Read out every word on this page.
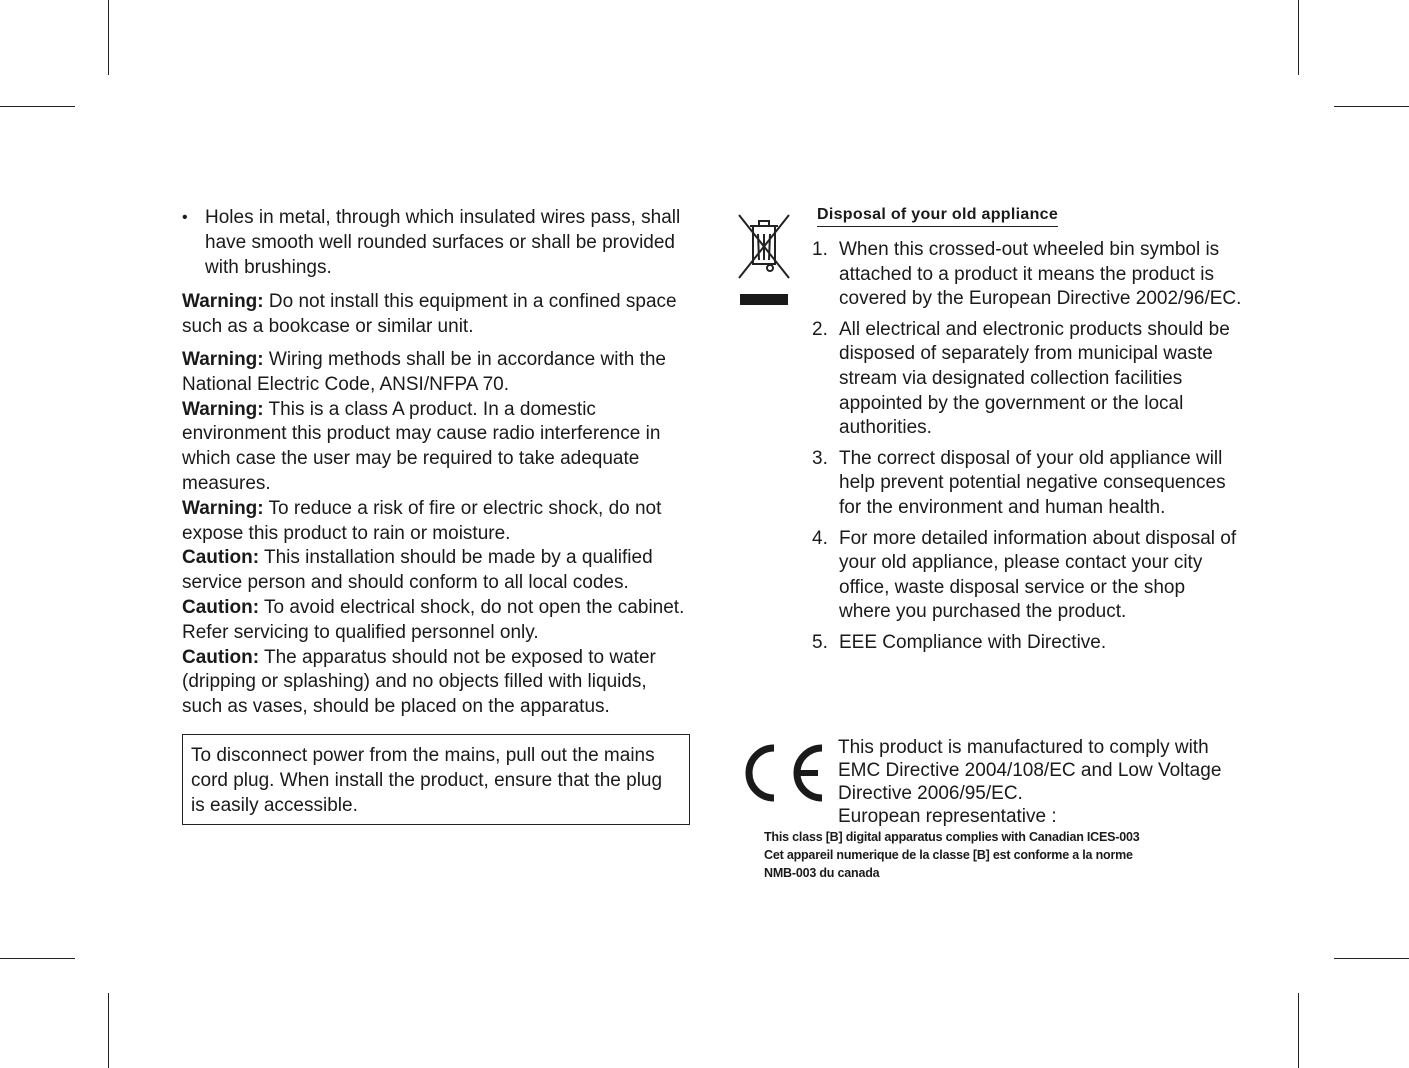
• Holes in metal, through which insulated wires pass, shall have smooth well rounded surfaces or shall be provided with brushings.

Warning: Do not install this equipment in a confined space such as a bookcase or similar unit.

Warning: Wiring methods shall be in accordance with the National Electric Code, ANSI/NFPA 70.

Warning: This is a class A product. In a domestic environment this product may cause radio interference in which case the user may be required to take adequate measures.

Warning: To reduce a risk of fire or electric shock, do not expose this product to rain or moisture.

Caution: This installation should be made by a qualified service person and should conform to all local codes.

Caution: To avoid electrical shock, do not open the cabinet. Refer servicing to qualified personnel only.

Caution: The apparatus should not be exposed to water (dripping or splashing) and no objects filled with liquids, such as vases, should be placed on the apparatus.

To disconnect power from the mains, pull out the mains cord plug. When install the product, ensure that the plug is easily accessible.
Disposal of your old appliance
1. When this crossed-out wheeled bin symbol is attached to a product it means the product is covered by the European Directive 2002/96/EC.
2. All electrical and electronic products should be disposed of separately from municipal waste stream via designated collection facilities appointed by the government or the local authorities.
3. The correct disposal of your old appliance will help prevent potential negative consequences for the environment and human health.
4. For more detailed information about disposal of your old appliance, please contact your city office, waste disposal service or the shop where you purchased the product.
5. EEE Compliance with Directive.
This product is manufactured to comply with EMC Directive 2004/108/EC and Low Voltage Directive 2006/95/EC.
European representative :
This class [B] digital apparatus complies with Canadian ICES-003
Cet appareil numerique de la classe [B] est conforme a la norme
NMB-003 du canada
